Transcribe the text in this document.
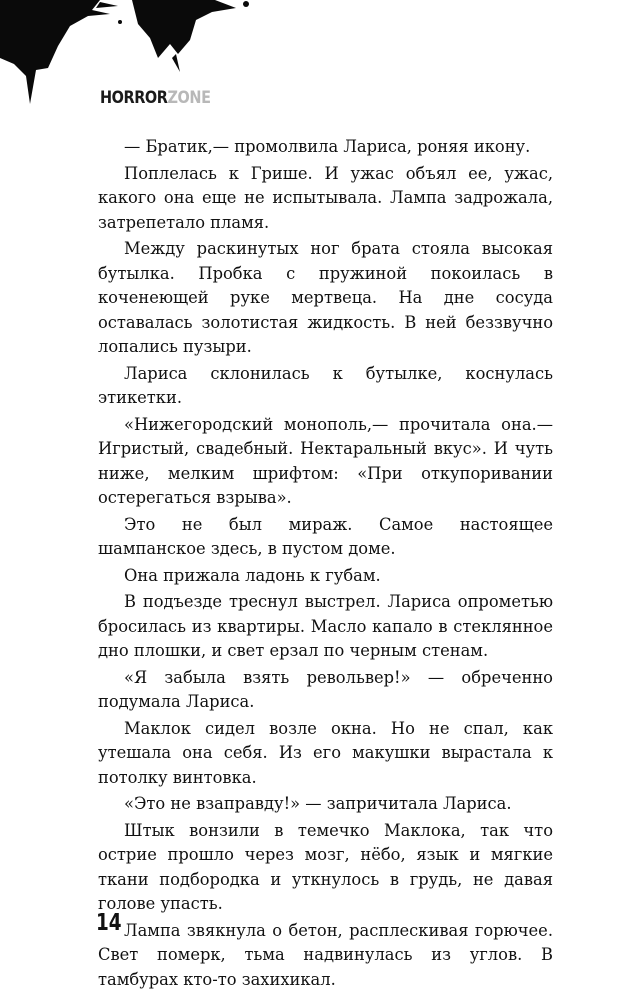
HORRORZONE

— Братик,— промолвила Лариса, роняя икону.

Поплелась к Грише. И ужас объял ее, ужас, какого она еще не испытывала. Лампа задрожала, затрепетало пламя.

Между раскинутых ног брата стояла высокая бутылка. Пробка с пружиной покоилась в коченеющей руке мертвеца. На дне сосуда оставалась золотистая жидкость. В ней беззвучно лопались пузыри.

Лариса склонилась к бутылке, коснулась этикетки.

«Нижегородский монополь,— прочитала она.— Игристый, свадебный. Нектаральный вкус». И чуть ниже, мелким шрифтом: «При откупоривании остерегаться взрыва».

Это не был мираж. Самое настоящее шампанское здесь, в пустом доме.

Она прижала ладонь к губам.

В подъезде треснул выстрел. Лариса опрометью бросилась из квартиры. Масло капало в стеклянное дно плошки, и свет ерзал по черным стенам.

«Я забыла взять револьвер!» — обреченно подумала Лариса.

Маклок сидел возле окна. Но не спал, как утешала она себя. Из его макушки вырастала к потолку винтовка.

«Это не взаправду!» — запричитала Лариса.

Штык вонзили в темечко Маклока, так что острие прошло через мозг, нёбо, язык и мягкие ткани подбородка и уткнулось в грудь, не давая голове упасть.

Лампа звякнула о бетон, расплескивая горючее. Свет померк, тьма надвинулась из углов. В тамбурах кто-то захихикал.

14
